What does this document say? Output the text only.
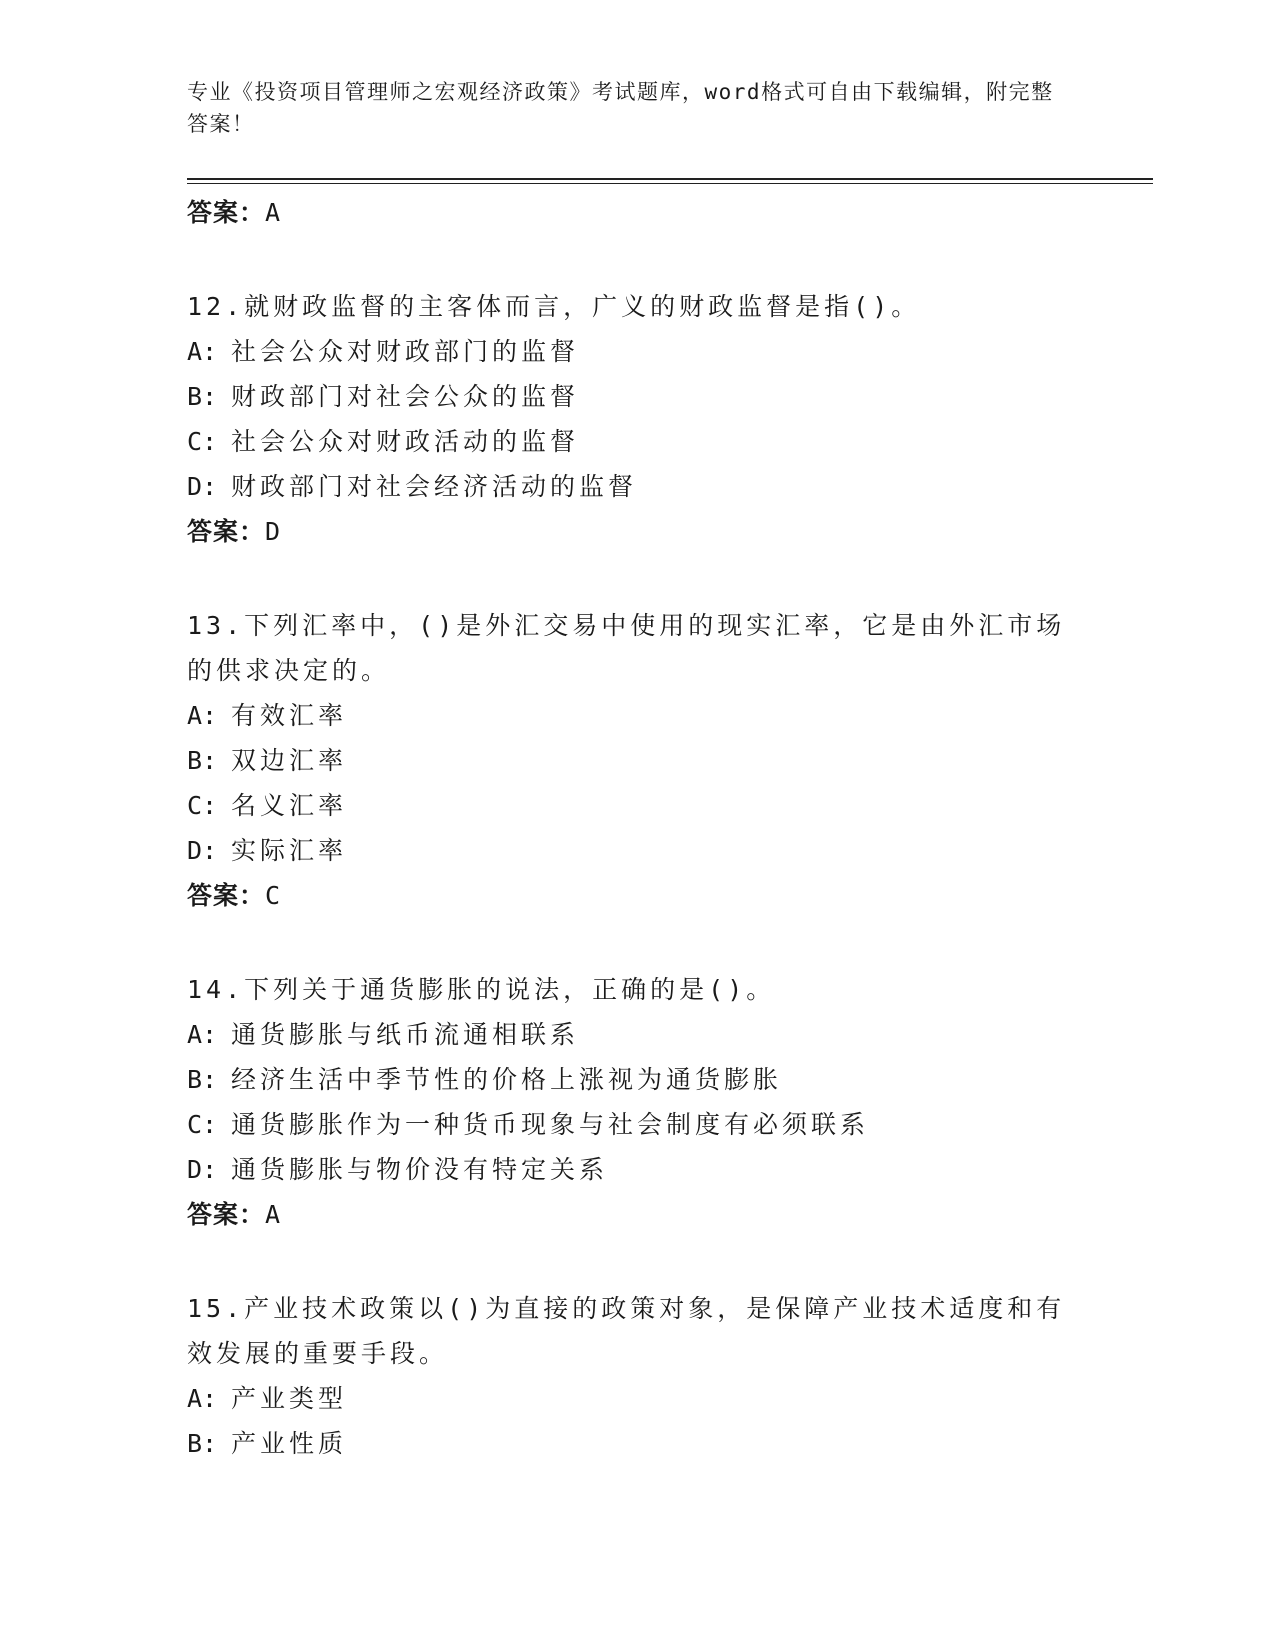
专业《投资项目管理师之宏观经济政策》考试题库，word格式可自由下载编辑，附完整答案！
答案：A
12.就财政监督的主客体而言，广义的财政监督是指()。
A: 社会公众对财政部门的监督
B: 财政部门对社会公众的监督
C: 社会公众对财政活动的监督
D: 财政部门对社会经济活动的监督
答案：D
13.下列汇率中，()是外汇交易中使用的现实汇率，它是由外汇市场的供求决定的。
A: 有效汇率
B: 双边汇率
C: 名义汇率
D: 实际汇率
答案：C
14.下列关于通货膨胀的说法，正确的是()。
A: 通货膨胀与纸币流通相联系
B: 经济生活中季节性的价格上涨视为通货膨胀
C: 通货膨胀作为一种货币现象与社会制度有必须联系
D: 通货膨胀与物价没有特定关系
答案：A
15.产业技术政策以()为直接的政策对象，是保障产业技术适度和有效发展的重要手段。
A: 产业类型
B: 产业性质
